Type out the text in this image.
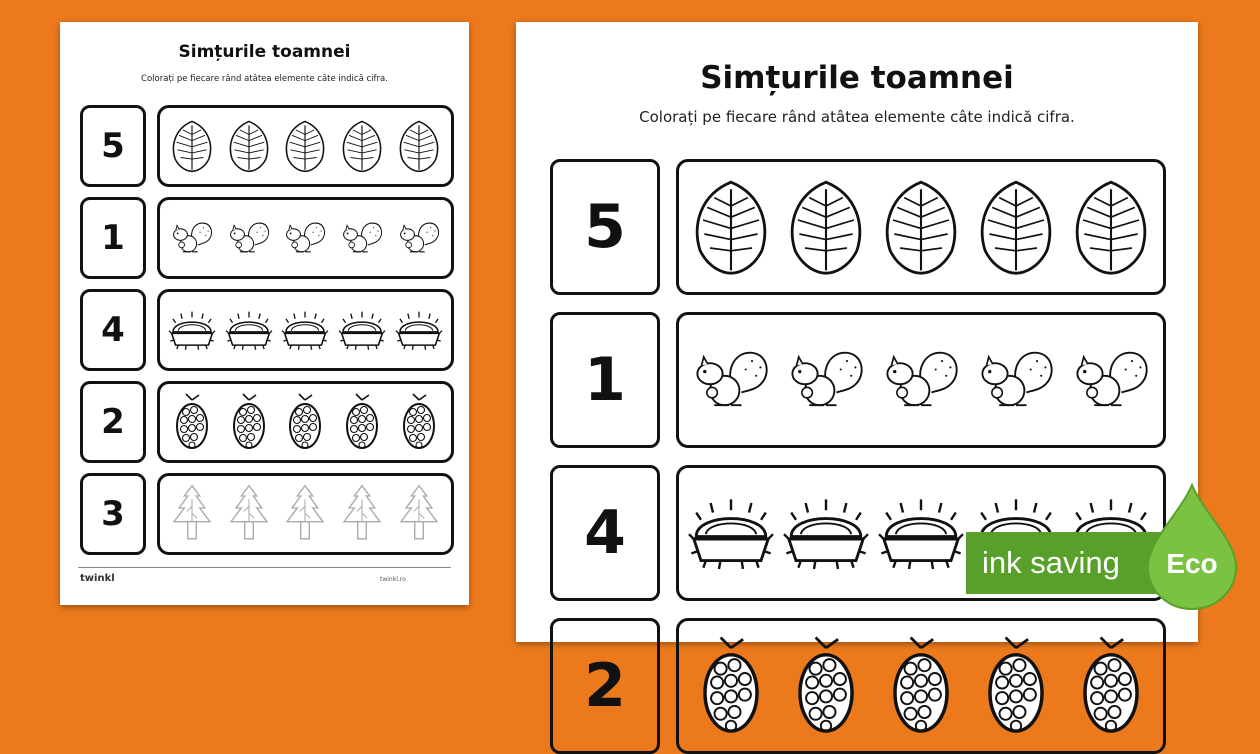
Simțurile toamnei
Colorați pe fiecare rând atâtea elemente câte indică cifra.
5
1
4
2
3
twinkl	twinkl.ro
Simțurile toamnei
Colorați pe fiecare rând atâtea elemente câte indică cifra.
5
1
4
2
ink saving Eco
